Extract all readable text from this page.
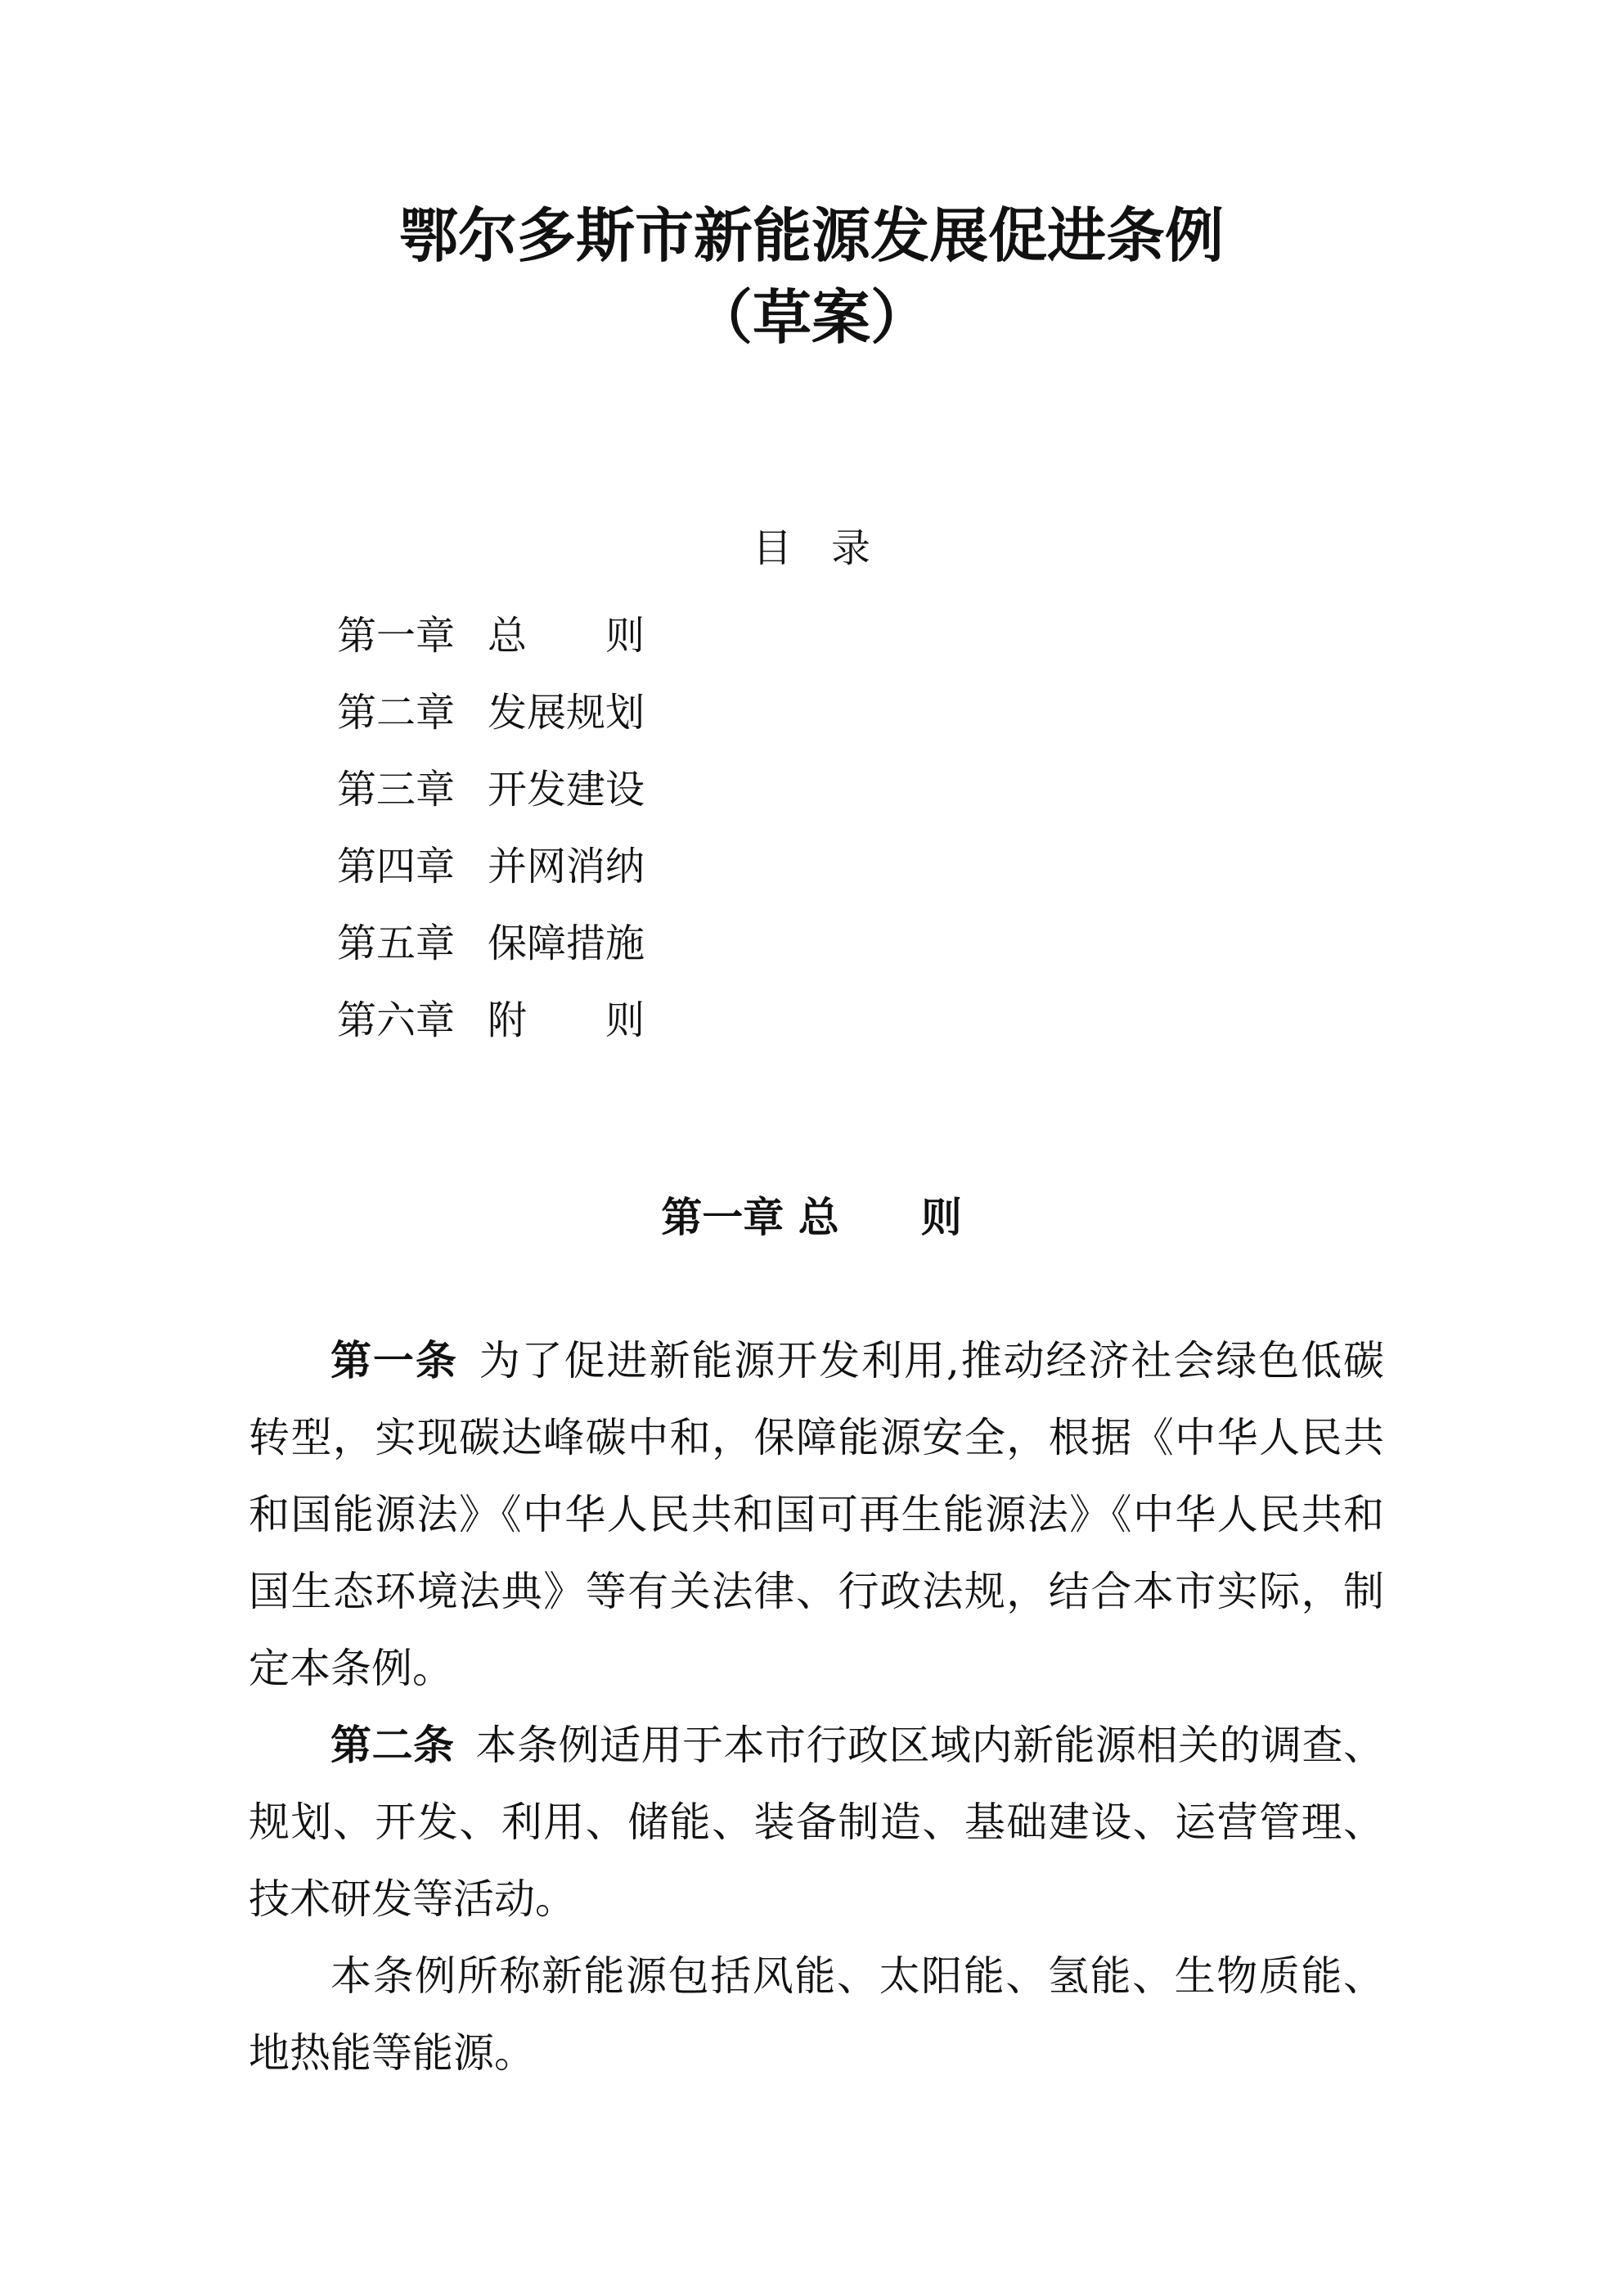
鄂尔多斯市新能源发展促进条例
（草案）
目　录
第一章 总　　则
第二章 发展规划
第三章 开发建设
第四章 并网消纳
第五章 保障措施
第六章 附　　则
第一章 总　　则

第一条 为了促进新能源开发利用,推动经济社会绿色低碳转型，实现碳达峰碳中和，保障能源安全，根据《中华人民共和国能源法》《中华人民共和国可再生能源法》《中华人民共和国生态环境法典》等有关法律、行政法规，结合本市实际，制定本条例。

第二条 本条例适用于本市行政区域内新能源相关的调查、规划、开发、利用、储能、装备制造、基础建设、运营管理、技术研发等活动。

本条例所称新能源包括风能、太阳能、氢能、生物质能、地热能等能源。
